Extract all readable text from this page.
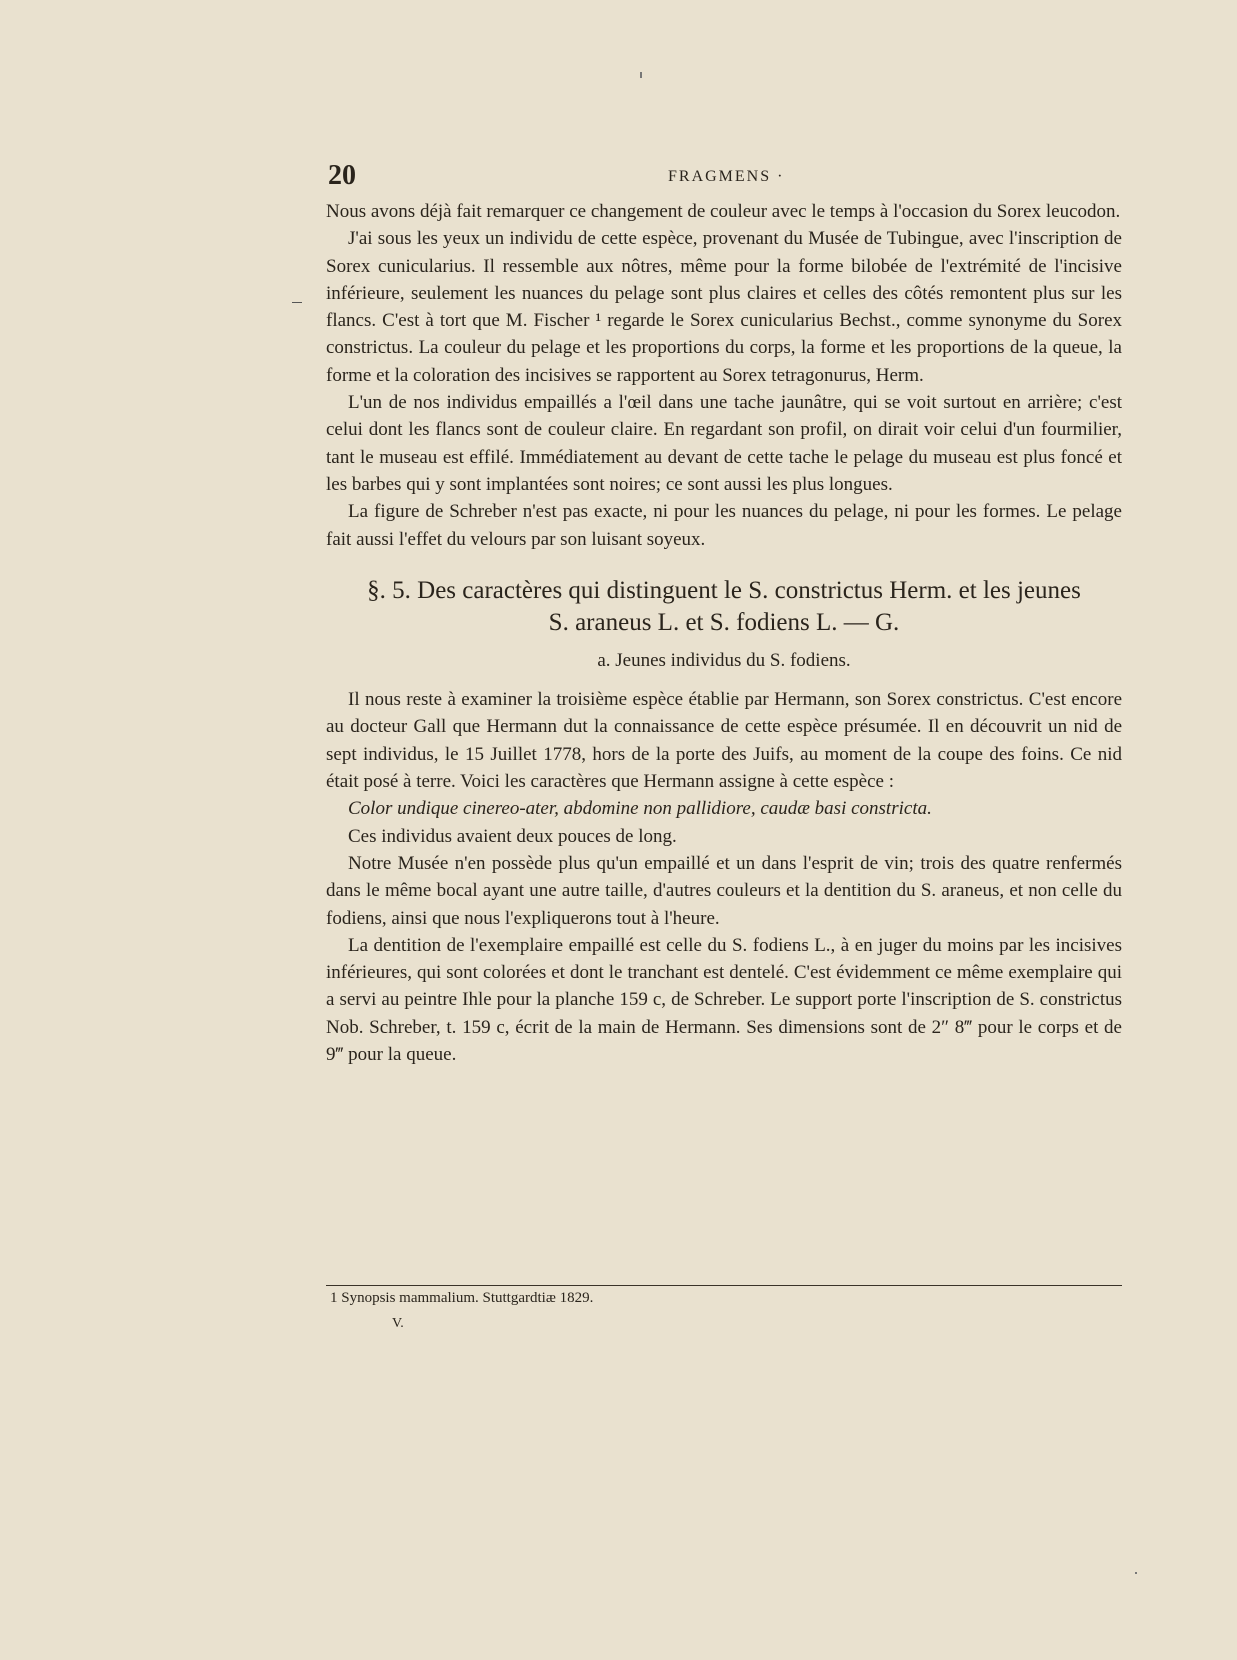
20	FRAGMENS ·

Nous avons déjà fait remarquer ce changement de couleur avec le temps à l'occasion du Sorex leucodon.

J'ai sous les yeux un individu de cette espèce, provenant du Musée de Tubingue, avec l'inscription de Sorex cunicularius. Il ressemble aux nôtres, même pour la forme bilobée de l'extrémité de l'incisive inférieure, seulement les nuances du pelage sont plus claires et celles des côtés remontent plus sur les flancs. C'est à tort que M. Fischer ¹ regarde le Sorex cunicularius Bechst., comme synonyme du Sorex constrictus. La couleur du pelage et les proportions du corps, la forme et les proportions de la queue, la forme et la coloration des incisives se rapportent au Sorex tetragonurus, Herm.

L'un de nos individus empaillés a l'œil dans une tache jaunâtre, qui se voit surtout en arrière; c'est celui dont les flancs sont de couleur claire. En regardant son profil, on dirait voir celui d'un fourmilier, tant le museau est effilé. Immédiatement au devant de cette tache le pelage du museau est plus foncé et les barbes qui y sont implantées sont noires; ce sont aussi les plus longues.

La figure de Schreber n'est pas exacte, ni pour les nuances du pelage, ni pour les formes. Le pelage fait aussi l'effet du velours par son luisant soyeux.

§. 5. Des caractères qui distinguent le S. constrictus Herm. et les jeunes
S. araneus L. et S. fodiens L. — G.
a. Jeunes individus du S. fodiens.

Il nous reste à examiner la troisième espèce établie par Hermann, son Sorex constrictus. C'est encore au docteur Gall que Hermann dut la connaissance de cette espèce présumée. Il en découvrit un nid de sept individus, le 15 Juillet 1778, hors de la porte des Juifs, au moment de la coupe des foins. Ce nid était posé à terre. Voici les caractères que Hermann assigne à cette espèce :

Color undique cinereo-ater, abdomine non pallidiore, caudæ basi constricta.

Ces individus avaient deux pouces de long.

Notre Musée n'en possède plus qu'un empaillé et un dans l'esprit de vin; trois des quatre renfermés dans le même bocal ayant une autre taille, d'autres couleurs et la dentition du S. araneus, et non celle du fodiens, ainsi que nous l'expliquerons tout à l'heure.

La dentition de l'exemplaire empaillé est celle du S. fodiens L., à en juger du moins par les incisives inférieures, qui sont colorées et dont le tranchant est dentelé. C'est évidemment ce même exemplaire qui a servi au peintre Ihle pour la planche 159 c, de Schreber. Le support porte l'inscription de S. constrictus Nob. Schreber, t. 159 c, écrit de la main de Hermann. Ses dimensions sont de 2″ 8‴ pour le corps et de 9‴ pour la queue.

1 Synopsis mammalium. Stuttgardtiæ 1829.
V.
